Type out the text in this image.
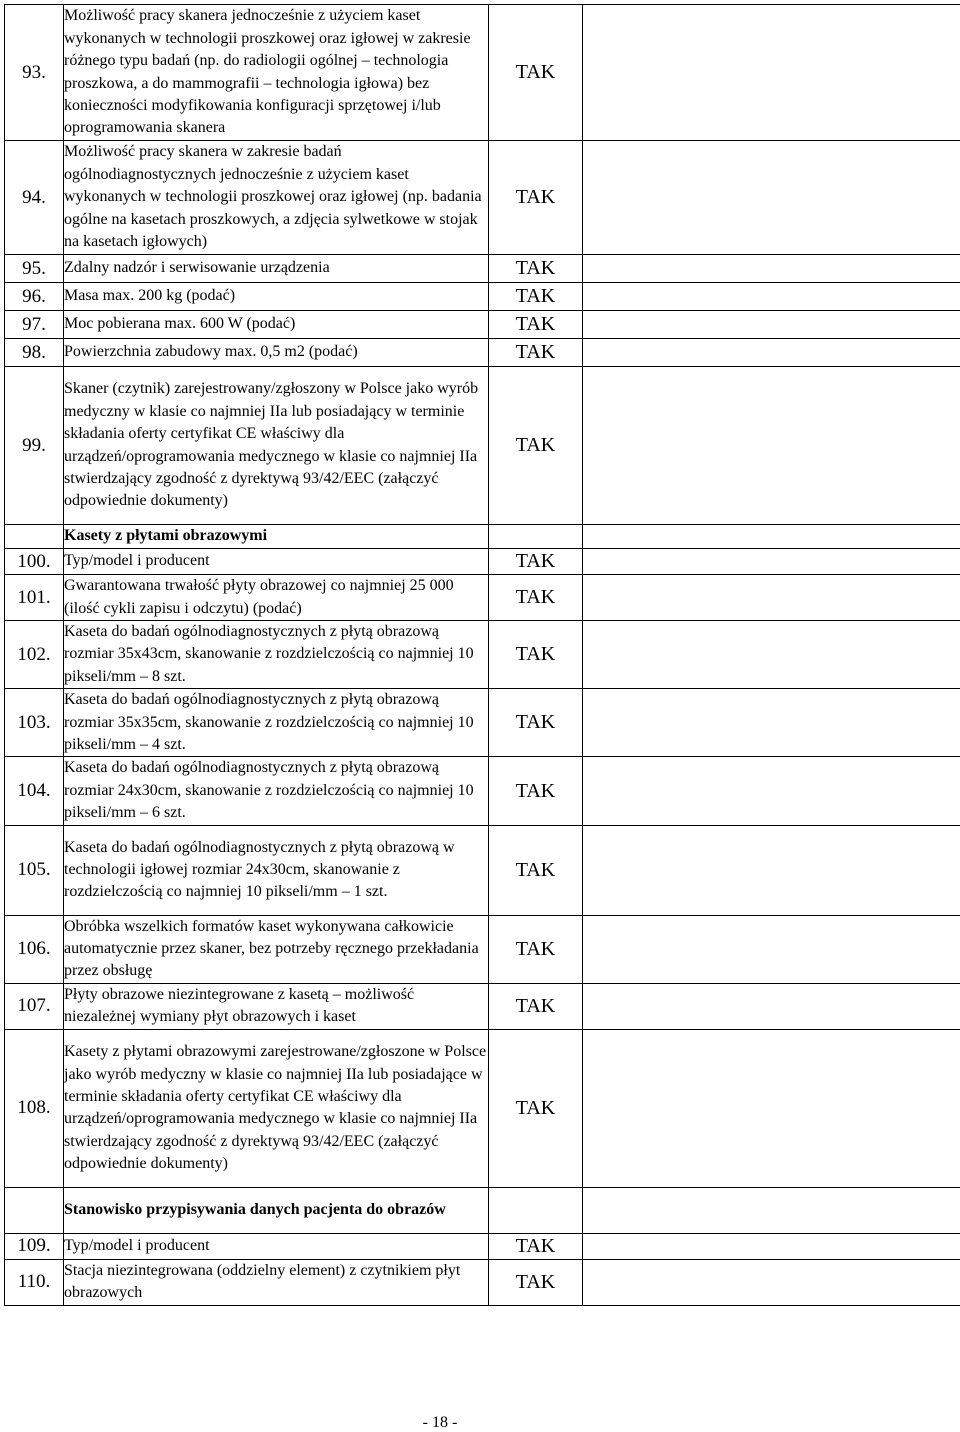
93.	Możliwość pracy skanera jednocześnie z użyciem kaset wykonanych w technologii proszkowej oraz igłowej w zakresie różnego typu badań (np. do radiologii ogólnej – technologia proszkowa, a do mammografii – technologia igłowa) bez konieczności modyfikowania konfiguracji sprzętowej i/lub oprogramowania skanera	TAK	
94.	Możliwość pracy skanera w zakresie badań ogólnodiagnostycznych jednocześnie z użyciem kaset wykonanych w technologii proszkowej oraz igłowej (np. badania ogólne na kasetach proszkowych, a zdjęcia sylwetkowe w stojak na kasetach igłowych)	TAK	
95.	Zdalny nadzór i serwisowanie urządzenia	TAK	
96.	Masa max. 200 kg (podać)	TAK	
97.	Moc pobierana max. 600 W (podać)	TAK	
98.	Powierzchnia zabudowy max. 0,5 m2 (podać)	TAK	
99.	Skaner (czytnik) zarejestrowany/zgłoszony w Polsce jako wyrób medyczny w klasie co najmniej IIa lub posiadający w terminie składania oferty certyfikat CE właściwy dla urządzeń/oprogramowania medycznego w klasie co najmniej IIa stwierdzający zgodność z dyrektywą 93/42/EEC (załączyć odpowiednie dokumenty)	TAK	
	Kasety z płytami obrazowymi		
100.	Typ/model i producent	TAK	
101.	Gwarantowana trwałość płyty obrazowej co najmniej 25 000 (ilość cykli zapisu i odczytu) (podać)	TAK	
102.	Kaseta do badań ogólnodiagnostycznych z płytą obrazową rozmiar 35x43cm, skanowanie z rozdzielczością co najmniej 10 pikseli/mm – 8 szt.	TAK	
103.	Kaseta do badań ogólnodiagnostycznych z płytą obrazową rozmiar 35x35cm, skanowanie z rozdzielczością co najmniej 10 pikseli/mm – 4 szt.	TAK	
104.	Kaseta do badań ogólnodiagnostycznych z płytą obrazową rozmiar 24x30cm, skanowanie z rozdzielczością co najmniej 10 pikseli/mm – 6 szt.	TAK	
105.	Kaseta do badań ogólnodiagnostycznych z płytą obrazową w technologii igłowej rozmiar 24x30cm, skanowanie z rozdzielczością co najmniej 10 pikseli/mm – 1 szt.	TAK	
106.	Obróbka wszelkich formatów kaset wykonywana całkowicie automatycznie przez skaner, bez potrzeby ręcznego przekładania przez obsługę	TAK	
107.	Płyty obrazowe niezintegrowane z kasetą – możliwość niezależnej wymiany płyt obrazowych i kaset	TAK	
108.	Kasety z płytami obrazowymi zarejestrowane/zgłoszone w Polsce jako wyrób medyczny w klasie co najmniej IIa lub posiadające w terminie składania oferty certyfikat CE właściwy dla urządzeń/oprogramowania medycznego w klasie co najmniej IIa stwierdzający zgodność z dyrektywą 93/42/EEC (załączyć odpowiednie dokumenty)	TAK	
	Stanowisko przypisywania danych pacjenta do obrazów		
109.	Typ/model i producent	TAK	
110.	Stacja niezintegrowana (oddzielny element) z czytnikiem płyt obrazowych	TAK	
- 18 -
